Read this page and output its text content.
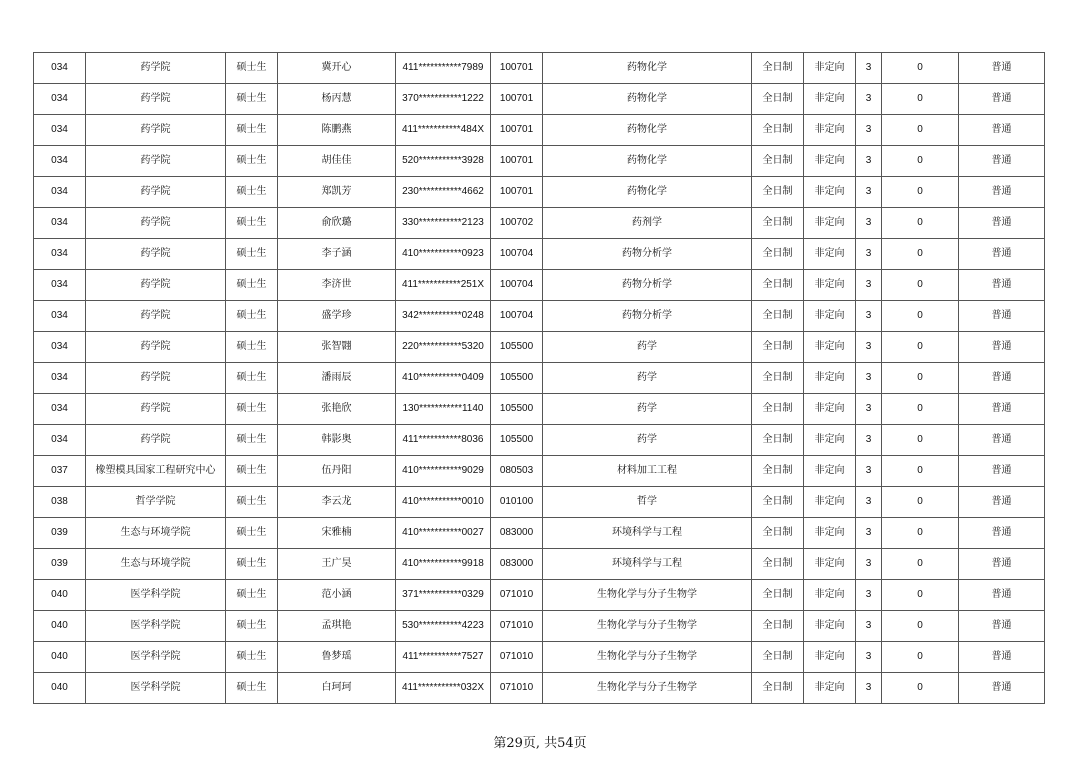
034	药学院	硕士生	冀开心	411***********7989	100701	药物化学	全日制	非定向	3	0	普通
034	药学院	硕士生	杨丙慧	370***********1222	100701	药物化学	全日制	非定向	3	0	普通
034	药学院	硕士生	陈鹏燕	411***********484X	100701	药物化学	全日制	非定向	3	0	普通
034	药学院	硕士生	胡佳佳	520***********3928	100701	药物化学	全日制	非定向	3	0	普通
034	药学院	硕士生	郑凯芳	230***********4662	100701	药物化学	全日制	非定向	3	0	普通
034	药学院	硕士生	俞欣璐	330***********2123	100702	药剂学	全日制	非定向	3	0	普通
034	药学院	硕士生	李子涵	410***********0923	100704	药物分析学	全日制	非定向	3	0	普通
034	药学院	硕士生	李济世	411***********251X	100704	药物分析学	全日制	非定向	3	0	普通
034	药学院	硕士生	盛学珍	342***********0248	100704	药物分析学	全日制	非定向	3	0	普通
034	药学院	硕士生	张智翾	220***********5320	105500	药学	全日制	非定向	3	0	普通
034	药学院	硕士生	潘雨辰	410***********0409	105500	药学	全日制	非定向	3	0	普通
034	药学院	硕士生	张艳欣	130***********1140	105500	药学	全日制	非定向	3	0	普通
034	药学院	硕士生	韩影奥	411***********8036	105500	药学	全日制	非定向	3	0	普通
037	橡塑模具国家工程研究中心	硕士生	伍丹阳	410***********9029	080503	材料加工工程	全日制	非定向	3	0	普通
038	哲学学院	硕士生	李云龙	410***********0010	010100	哲学	全日制	非定向	3	0	普通
039	生态与环境学院	硕士生	宋雅楠	410***********0027	083000	环境科学与工程	全日制	非定向	3	0	普通
039	生态与环境学院	硕士生	王广昊	410***********9918	083000	环境科学与工程	全日制	非定向	3	0	普通
040	医学科学院	硕士生	范小涵	371***********0329	071010	生物化学与分子生物学	全日制	非定向	3	0	普通
040	医学科学院	硕士生	孟琪艳	530***********4223	071010	生物化学与分子生物学	全日制	非定向	3	0	普通
040	医学科学院	硕士生	鲁梦瑶	411***********7527	071010	生物化学与分子生物学	全日制	非定向	3	0	普通
040	医学科学院	硕士生	白珂珂	411***********032X	071010	生物化学与分子生物学	全日制	非定向	3	0	普通
第29页, 共54页
